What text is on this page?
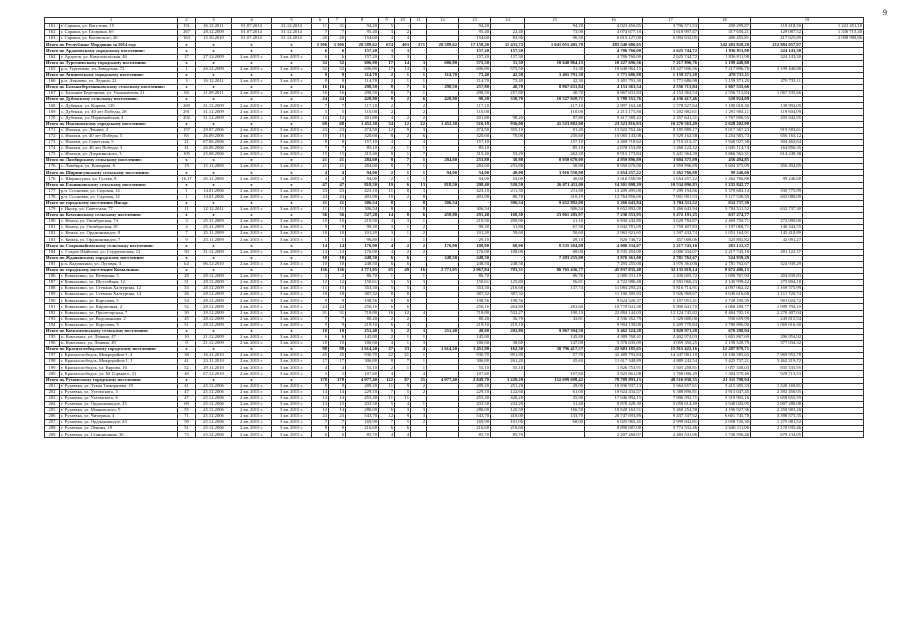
9
1		2	3	4	5	6	7	8	9	10	11	12	13	14	15	16	17	18	19	
161	г. Саракш, ул. Вагутина, 15	151	26.12.2011	01.07.2014	31.12.2014	11	31	94,20	5	-			94,20		94,20	4 023 456,85	3 796 571,53	200 299,87	110 418,50	1 222 451,10
162	г. Саракш, ул. Гагарина, 6б	267	28.12.2009	01.07.2014	31.12.2014	7	7	95,40	3	2			95,40	22,40	73,00	4 074 677,10	3 618 997,47	317 650,21	129 087,52	1 336 713,40
163	г. Саракш, ул. Котовского, 26	163	15.10.2010	01.07.2014	31.12.2014	20	20	154,60	4	4			154,60	82,90	96,50	6 615 127,00	6 004 632,05	406 455,81	217 025,89	2 008 988,86
Итого по Республике Мордовия за 2014 год:		x	x	x	x	3 506	3 506	28 589,62	674	403	271	28 589,62	17 158,20	11 431,72	1 041 055 405,79	485 540 686,05		342 483 820,28	212 884 057,97	
Итого по Ардатовскому городскому поселению:		x	x	x	x	6	6	157,20	3	3	-	-	157,20	157,30	-	4 786 760,00	2 625 744,72	1 836 811,98	324 143,30	
164	г. Ардатов, ул. Комсомольская, 46	17	27.12.2009	2 кв. 2015 г.	3 кв. 2015 г.	6	6	157,20	3	3			157,20	157,30		4 786 760,00	2 625 744,72	1 836 811,98	324 143,30	
Итого по Тургеневскому городскому поселению:		x	x	x	x	32	32	606,80	17	14	3	606,80	575,50	31,30	18 640 964,15	10 227 696,56	7 217 896,76	1 199 440,80		
165	р.п. Тургенево, ул. Заводская, 72	1	26.12.2009	2 кв. 2015 г.	3 кв. 2015 г.	32	32	606,80	17	14	3		606,80	575,50	31,30	18 640 964,15	10 227 696,56	7 217 896,76	1 199 440,80	
Итого по Атяшевскому городскому поселению:		x	x	x	x	9	9	114,70	2	1	1	114,70	72,40	42,30	3 401 791,30	1 771 686,98	1 159 371,20	470 733,11		
166	р.п. Атяшево, ул. Ледина, 22	3	16.12.2011	2 кв. 2015 г.	3 кв. 2015 г.	9	9	114,70	2	1	1		114,70	72,40	42,30	3 401 791,30	1 771 686,98	1 159 371,20	470 733,11	
Итого по Большеберезниковскому сельскому поселению:		x	x	x	x	16	16	298,50	8	7	1	298,50	257,80	40,70	8 867 631,84	4 153 363,54	2 556 713,84	1 067 535,66		
167	с. Большие Березники, ул. Ульяновская, 21	84	21.09.2011	2 кв. 2015 г.	3 кв. 2015 г.	16	16	298,50	8	7	1		298,50	257,80	40,70	8 867 631,84	4 153 363,54	2 556 713,84	1 067 535,66	
Итого по Дубенскому сельскому поселению:		x	x	x	x	24	24	428,90	8	2	6	428,90	98,20	330,70	10 527 928,71	5 788 351,76	4 236 417,46	520 924,09		
168	с. Дубенки, ул. Кирова, 120	269	31.12.2009	2 кв. 2015 г.	3 кв. 2015 г.	7	7	117,10	2		2		117,10		117,10	2 897 163,48	1 578 327,64	1 180 018,30	138 992,05	
169	с. Дубенки, ул. 40 лет Победы, 28	291	31.12.2009	2 кв. 2015 г.	3 кв. 2015 г.	5	5	110,00	2		2		110,00		110,00	2 213 175,80	1 202 882,61	1 291 904,11	119 604,09	
170	с. Дубенки, ул. Первомайская, 4	292	31.12.2009	2 кв. 2015 г.	3 кв. 2015 г.	12	12	201,80	4	2	2		201,80	98,20	87,80	5 417 589,43	2 457 641,51	1 767 890,55	293 942,95	
Итого по Ичалковскому городскому поселению:		x	x	x	x	68	68	1 452,38	34	12	22	1 452,38	516,18	936,00	41 523 882,00	23 323 816,83	16 270 563,49	2 628 202,08		
171	с. Ичалки, ул. Ленина, 4	157	29.07.2006	2 кв. 2015 г.	3 кв. 2015 г.	23	23	474,50	12	9	3		474,50	355,10	81,40	13 922 762,46	8 185 889,17	5 017 367,23	919 583,61	
172	с. Ичалки, ул. 40 лет Победы, 5	83	26.09.2006	2 кв. 2015 г.	3 кв. 2015 г.	15	15	320,60	8	2	6		320,60	70,00	250,60	10 065 143,08	5 529 162,38	4 254 583,73	656 163,12	
173	с. Ичалки, ул. Советская, 5	21	07.06.2006	2 кв. 2015 г.	3 кв. 2015 г.	8	8	157,10	4		4		157,10		157,10	4 469 718,62	2 719 213,37	1 920 927,38	304 465,64	
174	с. Ичалки, ул. 40 лет Победы, 3	31	26.06.2006	2 кв. 2015 г.	3 кв. 2015 г.	7	7	85,10	2	1	1		85,10		85,10	2 678 153,80	1 468 122,32	1 045 114,74	164 856,35	
175	с. Ичалки, ул. Дзержинского, 3	105	25.08.2006	2 кв. 2015 г.	3 кв. 2015 г.	15	15	315,40	8	1	7		315,40	53,20	262,20	9 915 173,84	5 441 564,39	3 866 562,31	614 248,38	
Итого по Лямбирскому сельскому поселению:		x	x	x	x	21	21	284,60	8	7	1	284,60	253,80	30,80	8 950 670,00	4 959 896,89	3 604 375,09	456 494,85		
176	с. Лямбирь, ул. Комарова, 6	19	15.11.2006	2 кв. 2015 г.	3 кв. 2015 г.	21	21	284,60	8	7	1		284,60	253,80	30,80	8 950 670,00	4 959 896,89	3 604 375,09	456 494,85	
Итого по Ширингушскому сельскому поселению:		x	x	x	x	4	4	94,00	2	1	1	94,00	54,00	40,00	3 016 550,90	1 654 257,22	1 262 766,88	99 246,60		
176	с. Ширингуши, ул. Гусева, 8	16,17	25.11.2006	2 кв. 2015 г.	3 кв. 2015 г.	4	4	94,00	2	1	1		94,00	54,00	40,00	3 016 550,90	1 654 257,22	1 262 766,88	99 246,60	
Итого по Ельниковскому сельскому поселению:		x	x	x	x	47	47	818,50	19	6	13	818,50	298,40	520,50	26 071 411,00	14 301 098,39	10 534 096,83	1 235 842,77		
177	р.п. Сосновка, ул. Садовая, 14	1	14.01.2006	2 кв. 2015 г.	3 кв. 2015 г.	23	23	423,10	11	8	3		423,10	211,30	211,80	13 209 495,00	7 299 194,66	5 379 682,14	530 775,89	
178	р.п. Сосновка, ул. Садовая, 12	1	14.01.2006	2 кв. 2015 г.	3 кв. 2015 г.	24	24	403,98	10	2	8		403,98	86,70	310,19	12 764 856,00	7 001 901,53	5 117 538,59	602 080,09	
Итого по городскому поселению Инсар:		x	x	x	x	11	11	306,54	8	-	8	306,54	-	306,54	9 652 892,00	5 266 643,94	3 704 511,52	632 737,30		
179	г. Инсар, ул. Советская, 77	11	12.12.2011	2 кв. 2015 г.	3 кв. 2015 г.	11	11	306,54	8		8		306,54		306,54	9 652 892,00	5 266 643,94	3 704 511,52	632 737,30	
Итого по Кемлянскому сельскому поселению:		x	x	x	x	36	36	527,20	14	8	6	459,80	291,40	168,30	23 061 205,97	7 230 553,95	5 272 191,25	637 274,77		
180	с. Кемля, ул. Октябрьская, 74	3	25.11.2009	2 кв. 2015 г.	3 кв. 2015 г.	10	10	219,50	4	3	1		219,50	209,90	21,10	6 830 242,80	3 620 784,87	2 469 750,71	272 090,00	
181	с. Кемля, ул. Октябрьская, 81	4	25.11.2009	2 кв. 2015 г.	3 кв. 2015 г.	9	9	98,30	3	1	2		98,30	31,80	67,30	3 842 781,09	1 759 407,83	1 197 068,71	146 344,55	
182	с. Кемля, ул. Орджоникидзе, 8	7	25.11.2009	2 кв. 2015 г.	3 кв. 2015 г.	10	10	101,20	3	1	2		101,20	59,60	50,60	2 963 821,65	1 597 432,74	1 051 164,91	145 418,89	
183	с. Кемля, ул. Орджоникидзе, 7	9	25.11.2009	2 кв. 2015 г.	3 кв. 2015 г.	1	1	96,80	1		1		29,10		29,10	826 746,72	457 008,06	325 892,82	42 091,27	
Итого по Старошайговскому сельскому поселению:		x	x	x	x	14	14	176,00	4	2	2	176,00	108,00	68,00	8 535 204,00	4 006 334,07	2 217 743,16	281 122,37		
184	с. Старое Шайгово, ул. Студенческая, 12	50	31.12.2009	2 кв. 2015 г.	3 кв. 2015 г.	14	14	176,00	4	2	2		176,00	108,00	68,00	8 535 204,00	4 006 334,07	2 217 743,16	281 122,37	
Итого по Ждановскому городскому поселению:		x	x	x	x	10	10	248,50	6	6	-	248,50	248,50	-	7 293 255,00	3 976 361,00	2 781 762,67	524 939,29		
185	р.п. Кадошкино, ул. Луговая, 3	k4	06.12.2010	2 кв. 2015 г.	3 кв. 2015 г.	10	10	248,50	6	6			248,50	248,50		7 293 255,00	3 976 361,00	2 781 762,67	524 939,29	
Итого по городскому поселению Ковылкино:		x	x	x	x	136	136	2 771,05	65	49	16	2 771,05	2 067,84	703,31	86 765 436,77	45 937 835,48	32 135 019,14	8 672 496,15		
186	г. Ковылкино, ул. Вечерняя, 5	28	28.12.2009	2 кв. 2015 г.	3 кв. 2015 г.	2	2	86,70	1		1		86,70		86,70	2 000 311,19	1 430 603,72	1 000 767,93	204 839,83	
187	г. Ковылкино, ул. Шоссейная, 12	31	28.12.2009	2 кв. 2015 г.	3 кв. 2015 г.	12	12	150,61	5	5	3		150,61	125,80	56,81	4 722 986,48	2 591 066,23	2 145 998,42	275 804,18	
188	г. Ковылкино, ул. Степана Халтурина, 12	53	28.12.2009	2 кв. 2015 г.	3 кв. 2015 г.	15	15	353,30	5	5	3		353,30	216,60	137,74	11 084 293,23	5 816 714,91	4 097 062,42	1 169 575,99	
189	г. Ковылкино, ул. Степана Халтурина, 14	26	28.12.2009	2 кв. 2015 г.	3 кв. 2015 г.	18	18	387,32	8	8			387,32	387,32		11 196 395,93	5 926 969,67	4 040 616,68	1 111 720,74	
190	г. Ковылкино, ул. Королева, 5	54	28.12.2009	2 кв. 2015 г.	3 кв. 2015 г.	9	9	198,56	8	8			198,56	198,56		9 624 326,37	5 187 051,41	3 728 190,39	901 024,72	
191	г. Ковылкино, ул. Кирпичная, 2	52	28.12.2009	2 кв. 2015 г.	3 кв. 2015 г.	24	24	250,16	6	6			250,16	264,80	263,60	10 770 041,38	5 800 641,70	4 060 189,77	1 099 794,19	
192	г. Ковылкино, ул. Пролетарская, 7	30	28.12.2009	2 кв. 2015 г.	3 кв. 2015 г.	31	31	718,80	16	12	4		718,80	532,27	190,13	22 884 144,03	12 124 745,82	8 484 705,16	2 278 407,04	
193	г. Ковылкино, ул. Водопьянова, 2	45	28.12.2009	2 кв. 2015 г.	3 кв. 2015 г.	7	7	80,20	2	2			80,20	36,70	43,81	2 536 352,79	1 329 680,00	930 659,99	249 815,54	
194	г. Ковылкино, ул. Королева, 3	51	28.12.2009	2 кв. 2015 г.	3 кв. 2015 г.	9	9	219,10	6	4			219,10	219,10		9 904 139,00	5 209 770,84	3 780 896,90	1 069 016,30	
Итого по Комсомольскому сельскому поселению:		x	x	x	x	10	10	251,40	5	2	3	251,40	48,60	202,80	9 967 394,50	5 462 324,28	3 820 971,28	676 298,94		
195	п. Комсомол, ул. Ленина, 47	10	21.12.2009	2 кв. 2015 г.	3 кв. 2015 г.	6	6	145,80	2	1	1		145,80		145,80	4 389 768,41	2 402 974,03	1 601 867,69	296 954,92	
196	п. Комсомол, ул. Ленина, 49	9	21.12.2009	2 кв. 2015 г.	3 кв. 2015 г.	10	10	180,60	4	1	3		180,60	38,60	147,00	5 576 635,09	3 059 350,25	2 139 528,79	377 034,32	
Итого по Краснослободскому городскому поселению:		x	x	x	x	98	98	1 614,20	37	33	4	1 614,20	1 451,90	162,30	50 796 417,57	22 683 185,65	15 915 422,16	12 287 879,71		
197	г. Краснослободск, Микрорайон-1, 4	38	16.11.2010	2 кв. 2015 г.	3 кв. 2015 г.	45	45	936,70	22	21	1		936,70	891,80	57,70	32 489 793,84	14 347 981,10	10 196 585,63	7 969 953,78	
198	г. Краснослободск, Микрорайон-1, 1	41	23.11.2010	2 кв. 2015 г.	3 кв. 2015 г.	17	17	306,80	8	7	1		306,80	261,20	45,60	11 617 348,89	4 889 242,54	3 425 737,21	3 462 219,72	
199	г. Краснослободск, ул. Кирова, 16	52	29.11.2010	2 кв. 2015 г.	3 кв. 2015 г.	4	4	55,10	2	1	1		55,10	55,10		1 826 753,91	1 505 258,81	1 057 338,03	835 535,95	
200	г. Краснослободск, ул. М. Горького, 31	49	07.12.2010	2 кв. 2015 г.	3 кв. 2015 г.	5	5	107,60	4		4		107,60		107,60	3 825 661,08	1 768 006,29	1 304 579,46	929 713,53	
Итого по Рузаевскому городскому поселению:		x	x	x	x	178	178	4 077,40	122	87	35	4 077,40	2 849,70	1 229,20	152 699 608,42	78 789 893,15	49 516 030,35	21 311 798,94		
201	г. Рузаевка, ул. Тукая Тимирязева, 19	41	25.12.2006	2 кв. 2015 г.	3 кв. 2015 г.	9	9	289,20	11	9	2		289,20	251,20	28,00	10 836 937,13	5 664 657,61	3 415 305,33	1 520 169,81	
202	г. Рузаевка, ул. Ухтомского, 5	47	25.12.2006	2 кв. 2015 г.	3 кв. 2015 г.	14	14	229,10	7	5	2		229,10	122,60	61,00	10 024 434,57	5 388 896,81	3 913 047,45	2 392 450,05	
203	г. Рузаевка, ул. Ухтомского, 6	47	25.12.2006	2 кв. 2015 г.	3 кв. 2015 г.	14	14	455,30	11	11			455,30	420,20	35,90	17 046 894,15	7 906 592,71	5 319 903,16	1 659 655,59	
204	г. Рузаевка, ул. Орджоникидзе, 45	69	25.12.2006	2 кв. 2015 г.	3 кв. 2015 г.	13	13	233,50	5	4	1		233,50	232,20	31,40	9 870 428,30	5 059 614,49	3 540 043,95	2 007 288,08	
205	г. Рузаевка, ул. Маяковского, 9	55	25.12.2006	2 кв. 2015 г.	3 кв. 2015 г.	14	14	286,00	6	3	3		286,00	120,50	166,50	10 628 163,51	5 460 254,58	4 196 927,36	2 250 983,20	
206	г. Рузаевка, ул. Чичерина, 4	71	25.12.2006	2 кв. 2015 г.	3 кв. 2015 г.	23	23	543,70	12	9	3		543,70	410,00	133,70	20 747 693,89	9 437 337,52	6 601 745,78	3 398 575,55	
207	г. Рузаевка, ул. Орджоникидзе, 43	59	25.12.2006	2 кв. 2015 г.	3 кв. 2015 г.	7	7	169,90	7	5	2		169,90	101,90	68,00	6 025 965,45	2 999 842,81	2 058 726,30	1 275 081,52	
208	г. Рузаевка, ул. Ленина, 19	51	25.12.2006	2 кв. 2015 г.	3 кв. 2015 г.	8	8	216,60	6	6			216,60	216,60		8 890 687,00	3 774 532,46	2 646 111,06	2 170 035,46	
209	г. Рузаевка, ул. Станционная, 36	73	25.12.2006	2 кв. 2015 г.	3 кв. 2015 г.	6	6	85,70	4	4			85,70	85,70		2 207 260,07	2 483 541,96	1 740 596,46	679 134,05	
